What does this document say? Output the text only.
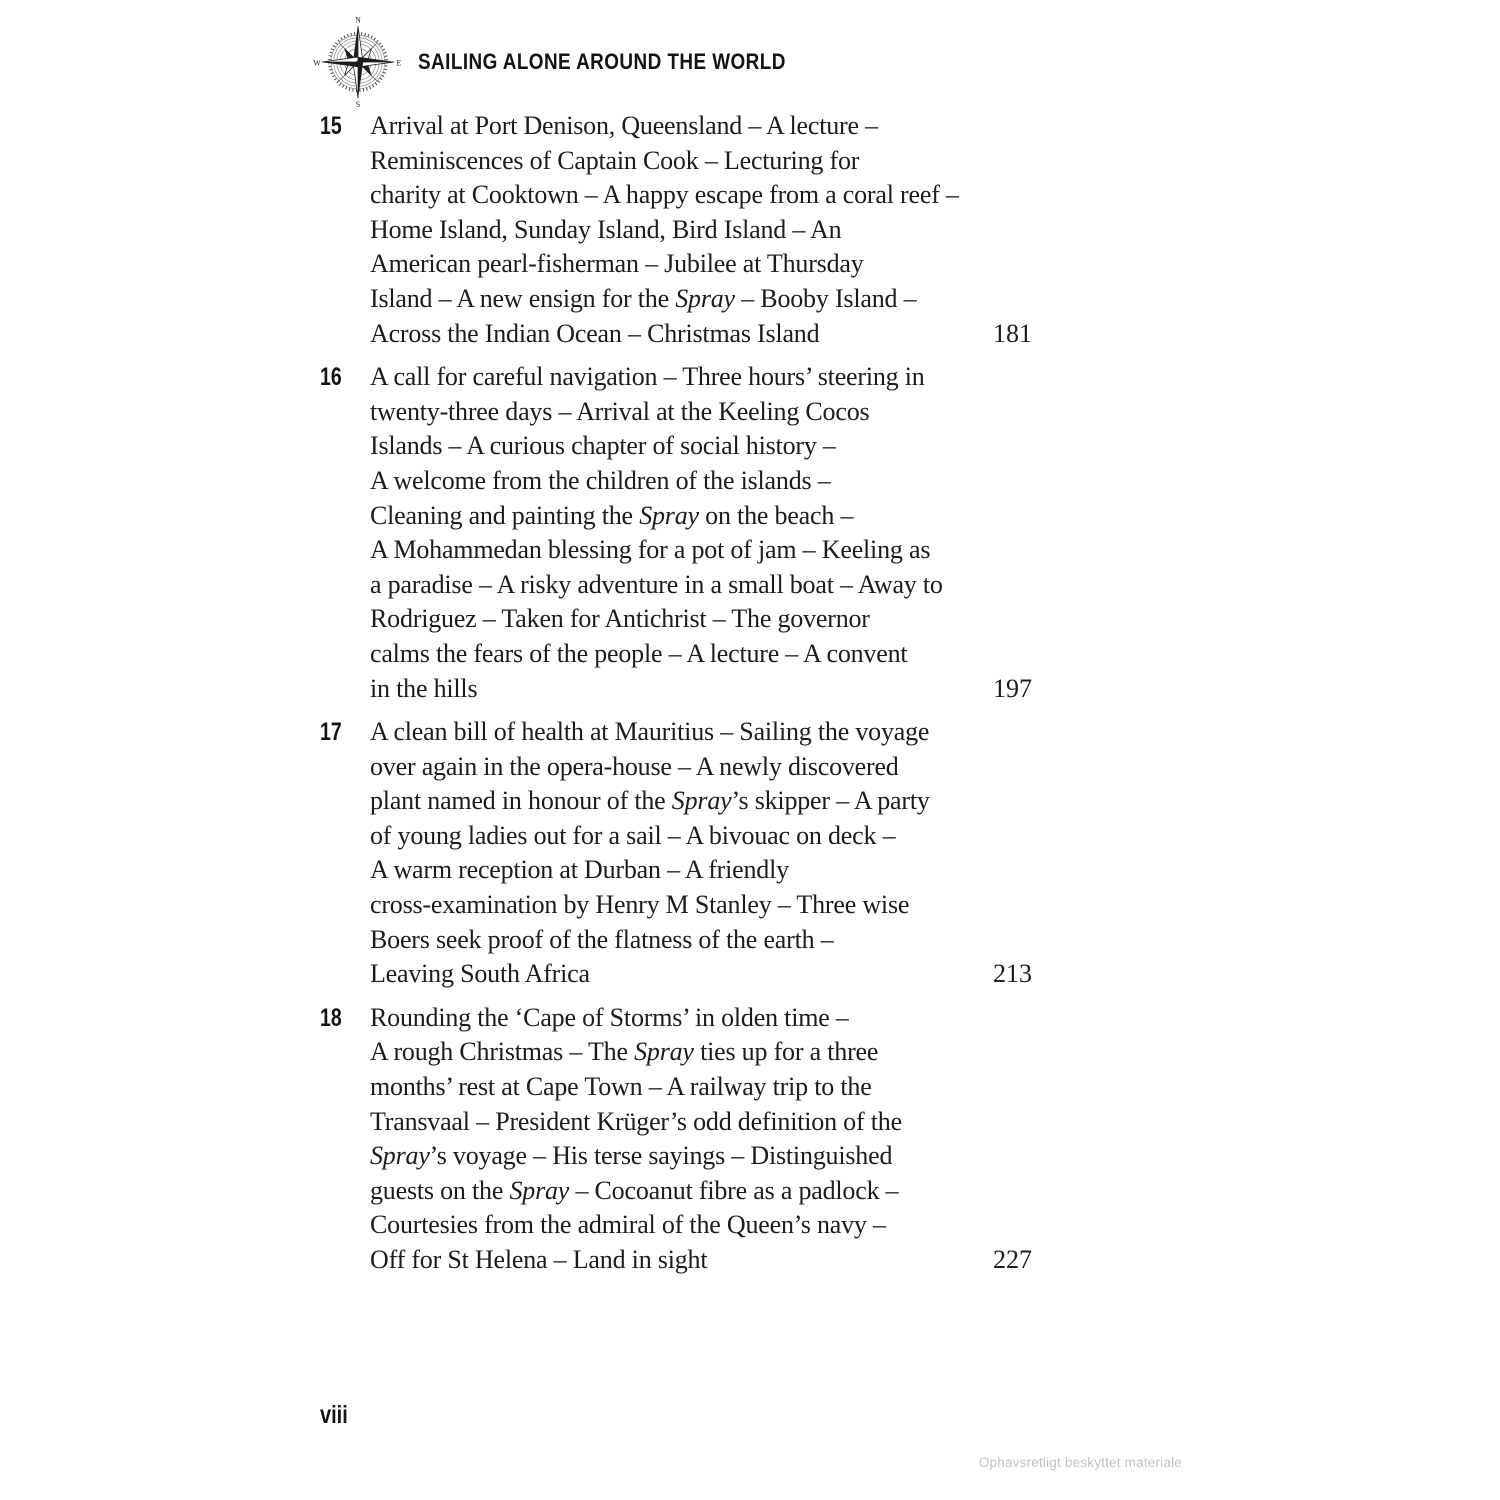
N
E
S
W	SAILING ALONE AROUND THE WORLD
15	Arrival at Port Denison, Queensland – A lecture –
Reminiscences of Captain Cook – Lecturing for
charity at Cooktown – A happy escape from a coral reef –
Home Island, Sunday Island, Bird Island – An
American pearl-fisherman – Jubilee at Thursday
Island – A new ensign for the Spray – Booby Island –
Across the Indian Ocean – Christmas Island	181
16	A call for careful navigation – Three hours’ steering in
twenty-three days – Arrival at the Keeling Cocos
Islands – A curious chapter of social history –
A welcome from the children of the islands –
Cleaning and painting the Spray on the beach –
A Mohammedan blessing for a pot of jam – Keeling as
a paradise – A risky adventure in a small boat – Away to
Rodriguez – Taken for Antichrist – The governor
calms the fears of the people – A lecture – A convent
in the hills	197
17	A clean bill of health at Mauritius – Sailing the voyage
over again in the opera-house – A newly discovered
plant named in honour of the Spray’s skipper – A party
of young ladies out for a sail – A bivouac on deck –
A warm reception at Durban – A friendly
cross-examination by Henry M Stanley – Three wise
Boers seek proof of the flatness of the earth –
Leaving South Africa	213
18	Rounding the ‘Cape of Storms’ in olden time –
A rough Christmas – The Spray ties up for a three
months’ rest at Cape Town – A railway trip to the
Transvaal – President Krüger’s odd definition of the
Spray’s voyage – His terse sayings – Distinguished
guests on the Spray – Cocoanut fibre as a padlock –
Courtesies from the admiral of the Queen’s navy –
Off for St Helena – Land in sight	227
viii
Ophavsretligt beskyttet materiale
